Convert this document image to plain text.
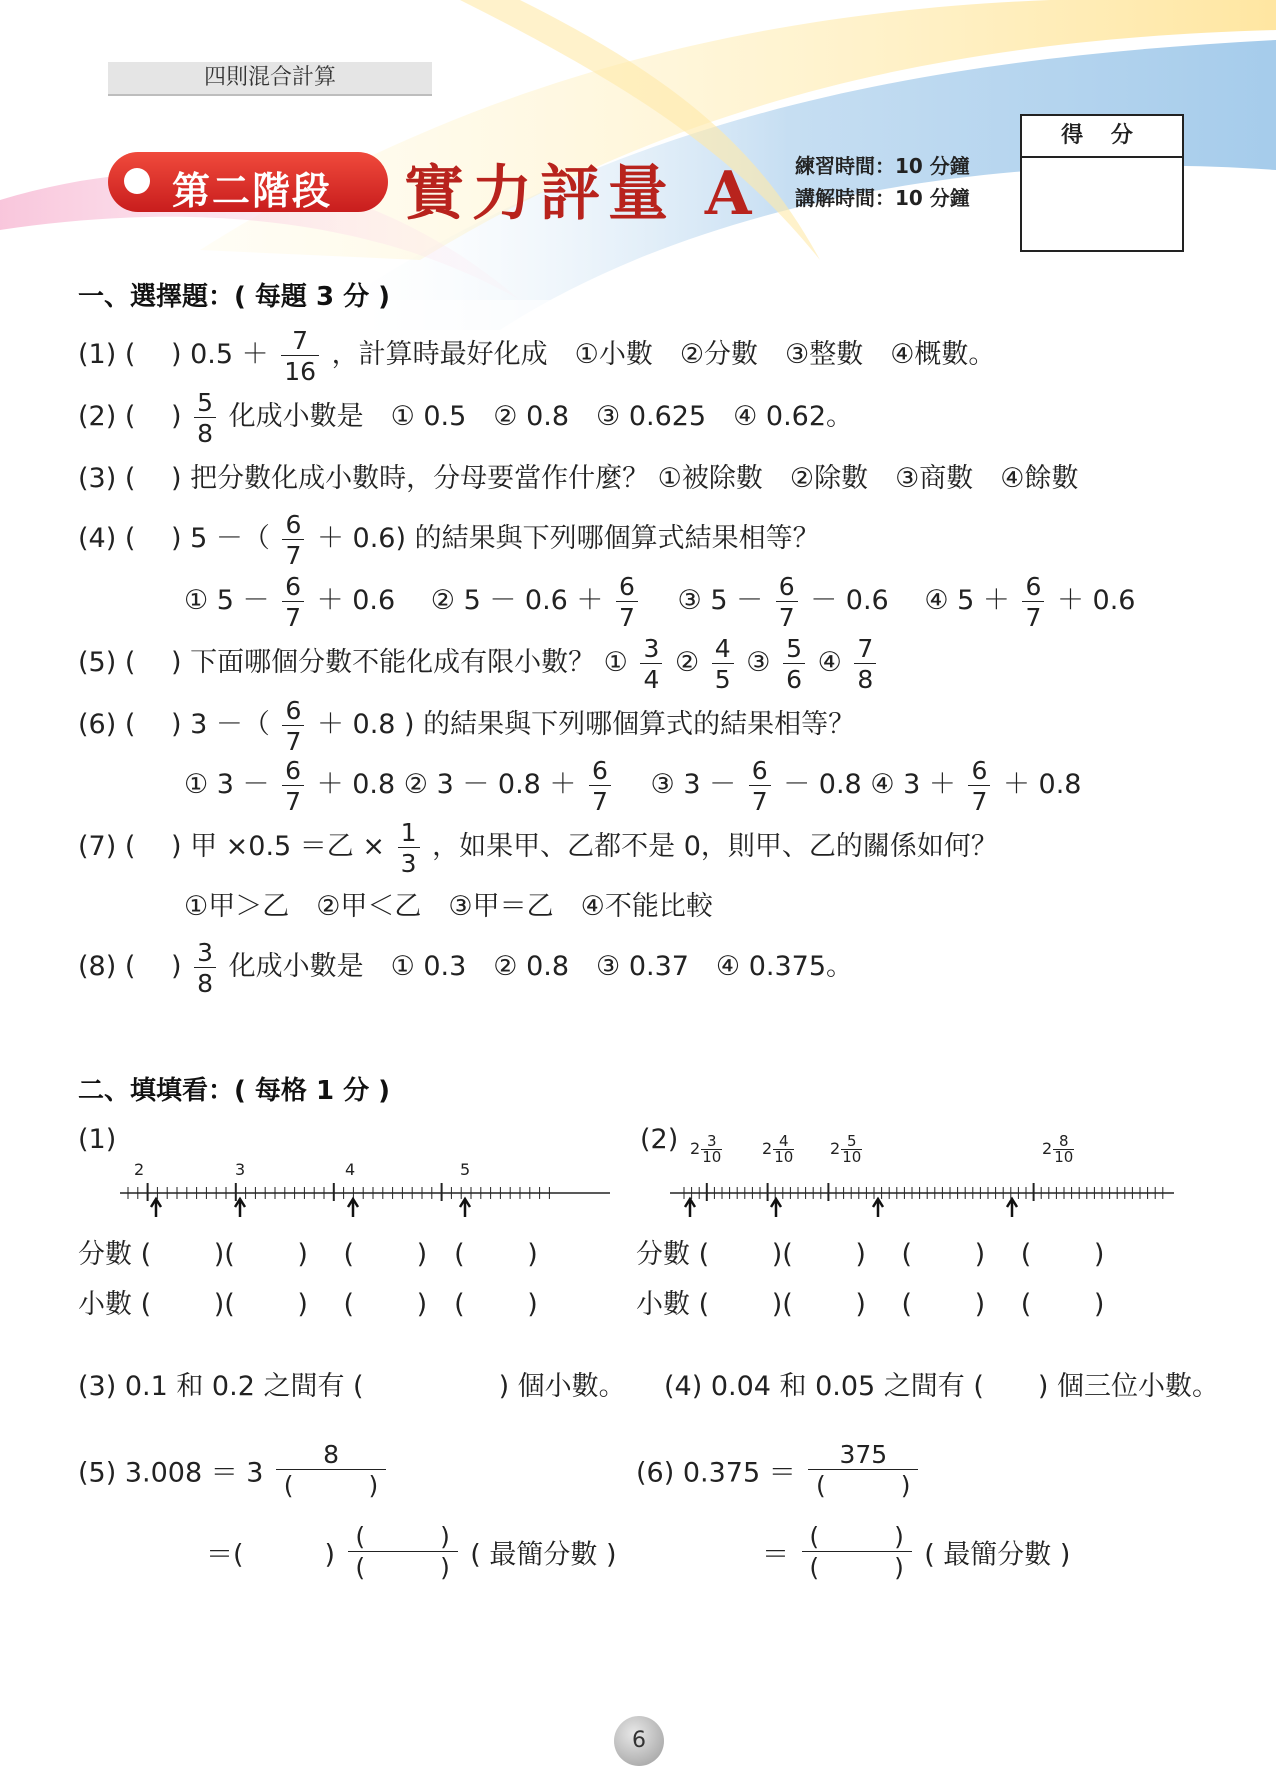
四則混合計算
第二階段 實力評量 A 練習時間：10 分鐘
講解時間：10 分鐘
得 分
一、選擇題：( 每題 3 分 )
(1) (　 ) $0.5 + \frac{7}{16}$ ，計算時最好化成　①小數　②分數　③整數　④概數。
(2) (　 ) $\frac{5}{8}$ 化成小數是　① 0.5　② 0.8　③ 0.625　④ 0.62。
(3) (　 ) 把分數化成小數時，分母要當作什麼？ ①被除數　②除數　③商數　④餘數
(4) (　 ) 5 －（ $\frac{6}{7} + 0.6$) 的結果與下列哪個算式結果相等？
① $5 - \frac{6}{7} + 0.6$　 ② $5 - 0.6 + \frac{6}{7}$
　 ③ $5 - \frac{6}{7} - 0.6$　 ④ $5 + \frac{6}{7} + 0.6$
(5) (　 ) 下面哪個分數不能化成有限小數？ ① $\frac{3}{4}$ ② $\frac{4}{5}$ ③ $\frac{5}{6}$ ④ $\frac{7}{8}$
(6) (　 ) 3 －（ $\frac{6}{7} + 0.8$ ) 的結果與下列哪個算式的結果相等？
① $3 - \frac{6}{7} + 0.8$ ② $3 - 0.8 + \frac{6}{7}$
　 ③ $3 - \frac{6}{7} - 0.8$ ④ $3 + \frac{6}{7} + 0.8$
(7) (　 ) 甲 ×0.5 ＝乙 × $\frac{1}{3}$ ，如果甲、乙都不是 0，則甲、乙的關係如何？
①甲＞乙　②甲＜乙　③甲＝乙　④不能比較
(8) (　 ) $\frac{3}{8}$ 化成小數是　① 0.3　② 0.8　③ 0.37　④ 0.375。
二、填填看：( 每格 1 分 )
(1)	(2)
2	3	4	5
$2 \frac{3}{10} 2 \frac{4}{10} 2 \frac{5}{10}$	$2 \frac{8}{10}$
分數 (　　 )(　　 ) 　(　　 )　(　　 )
小數 (　　 )(　　 ) 　(　　 )　(　　 )
分數 (　　 )(　　 ) 　(　　 )　 (　　 )
小數 (　　 )(　　 ) 　(　　 )　 (　　 )
(3) 0.1 和 0.2 之間有 (　　　　　) 個小數。 (4) 0.04 和 0.05 之間有 (　　) 個三位小數。
(5) 3.008 ＝ 3
8
(　　　)
＝(　　　)
(　　　)
(　　　) ( 最簡分數 )
(6) 0.375 ＝
375
(　　　)
＝
(　　　)
(　　　) ( 最簡分數 )
6
